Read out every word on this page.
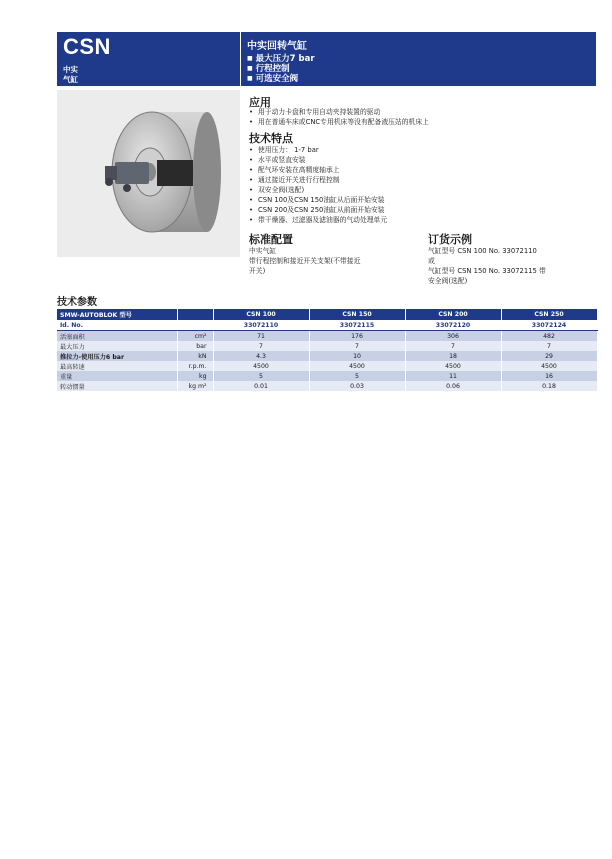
CSN
中实
气缸
中实回转气缸
■ 最大压力7 bar
■ 行程控制
■ 可选安全阀
应用
• 用于动力卡盘和专用自动夹持装置的驱动
• 用在普通车床或CNC专用机床等没有配备液压站的机床上
技术特点
• 使用压力： 1-7 bar
• 水平或竖直安装
• 配气环安装在高精度轴承上
• 通过接近开关进行行程控制
• 双安全阀(选配)
• CSN 100及CSN 150油缸从后面开始安装
• CSN 200及CSN 250油缸从前面开始安装
• 带干燥器、过滤器及滤油器的气动处理单元
标准配置
中实气缸
带行程控制和接近开关支架(不带接近
开关)
订货示例
气缸型号 CSN 100 No. 33072110
或
气缸型号 CSN 150 No. 33072115 带
安全阀(选配)
技术参数
SMW-AUTOBLOK 型号		CSN 100	CSN 150	CSN 200	CSN 250
Id. No.		33072110	33072115	33072120	33072124
活塞面积	cm²	71	176	306	482
最大压力	bar	7	7	7	7
推拉力-使用压力6 bar	kN	4.3	10	18	29
最高转速	r.p.m.	4500	4500	4500	4500
重量	kg	5	5	11	16
转动惯量	kg m²	0.01	0.03	0.06	0.18
